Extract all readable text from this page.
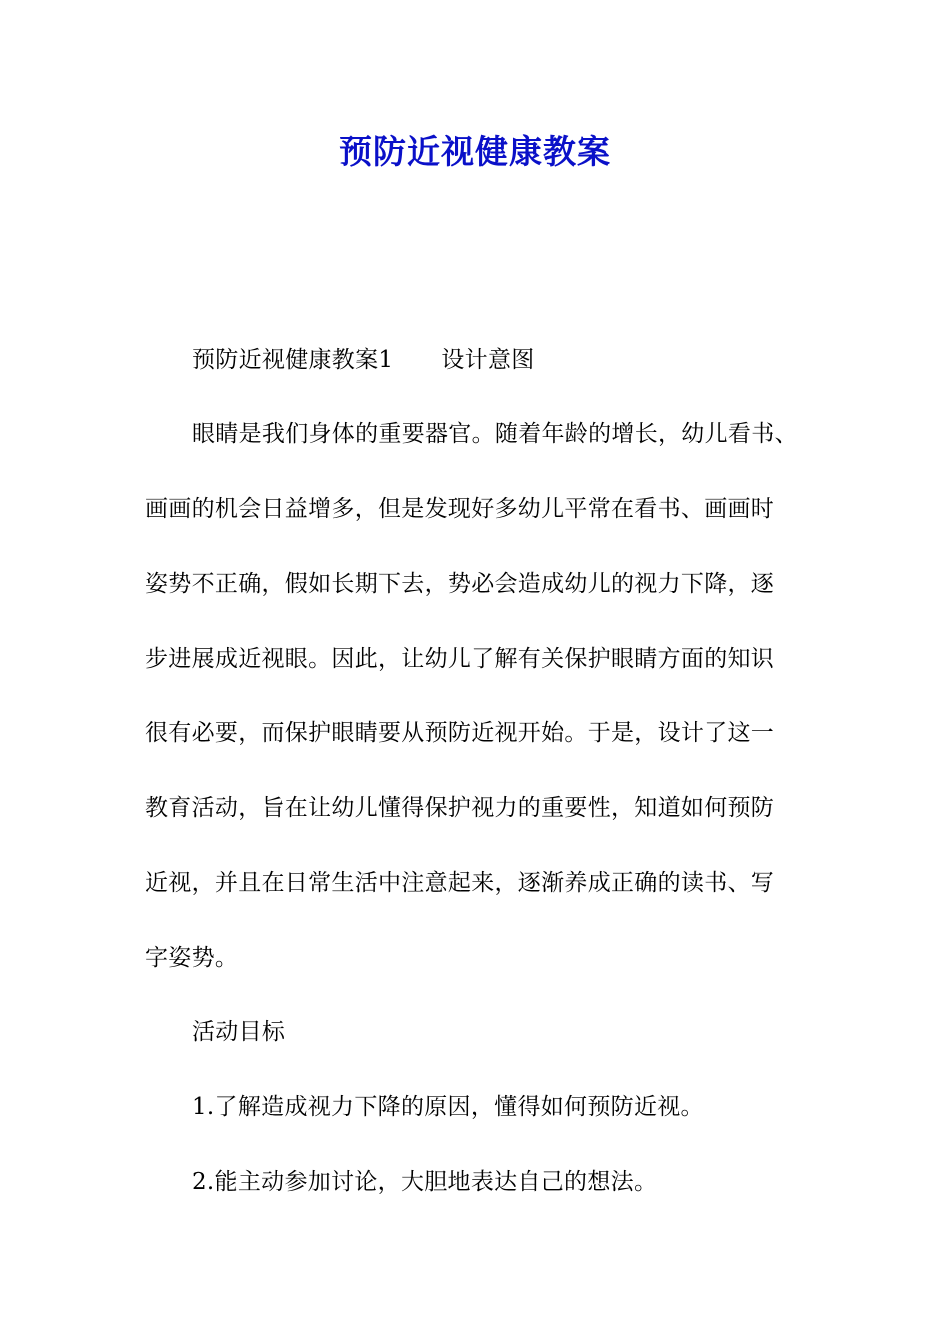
预防近视健康教案
预防近视健康教案1 设计意图
眼睛是我们身体的重要器官。随着年龄的增长，幼儿看书、
画画的机会日益增多，但是发现好多幼儿平常在看书、画画时
姿势不正确，假如长期下去，势必会造成幼儿的视力下降，逐
步进展成近视眼。因此，让幼儿了解有关保护眼睛方面的知识
很有必要，而保护眼睛要从预防近视开始。于是，设计了这一
教育活动，旨在让幼儿懂得保护视力的重要性，知道如何预防
近视，并且在日常生活中注意起来，逐渐养成正确的读书、写
字姿势。
活动目标
1.了解造成视力下降的原因，懂得如何预防近视。
2.能主动参加讨论，大胆地表达自己的想法。
